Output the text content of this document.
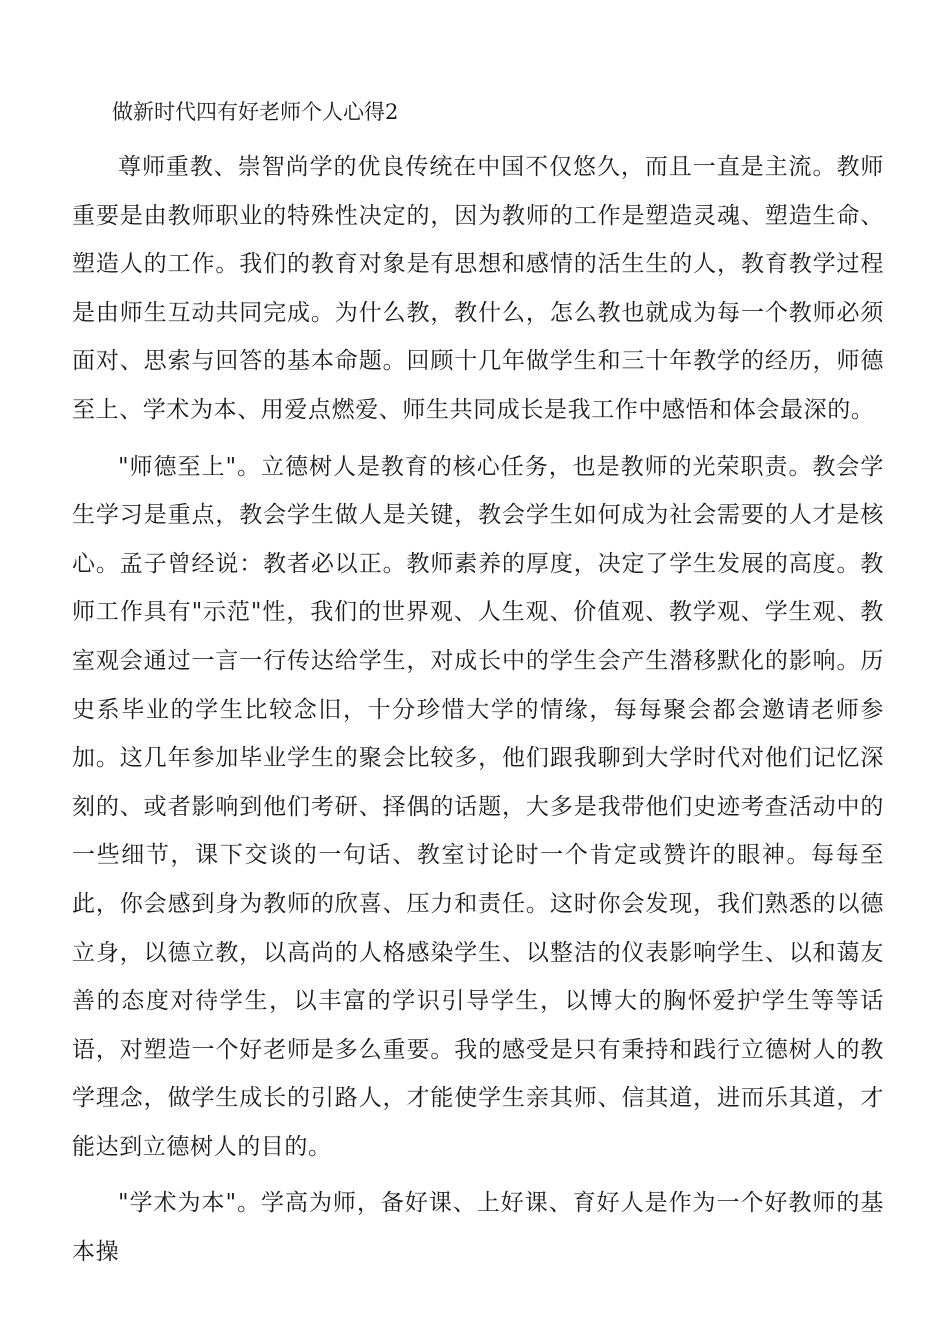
做新时代四有好老师个人心得2

尊师重教、崇智尚学的优良传统在中国不仅悠久，而且一直是主流。教师重要是由教师职业的特殊性决定的，因为教师的工作是塑造灵魂、塑造生命、塑造人的工作。我们的教育对象是有思想和感情的活生生的人，教育教学过程是由师生互动共同完成。为什么教，教什么，怎么教也就成为每一个教师必须面对、思索与回答的基本命题。回顾十几年做学生和三十年教学的经历，师德至上、学术为本、用爱点燃爱、师生共同成长是我工作中感悟和体会最深的。

"师德至上"。立德树人是教育的核心任务，也是教师的光荣职责。教会学生学习是重点，教会学生做人是关键，教会学生如何成为社会需要的人才是核心。孟子曾经说：教者必以正。教师素养的厚度，决定了学生发展的高度。教师工作具有"示范"性，我们的世界观、人生观、价值观、教学观、学生观、教室观会通过一言一行传达给学生，对成长中的学生会产生潜移默化的影响。历史系毕业的学生比较念旧，十分珍惜大学的情缘，每每聚会都会邀请老师参加。这几年参加毕业学生的聚会比较多，他们跟我聊到大学时代对他们记忆深刻的、或者影响到他们考研、择偶的话题，大多是我带他们史迹考查活动中的一些细节，课下交谈的一句话、教室讨论时一个肯定或赞许的眼神。每每至此，你会感到身为教师的欣喜、压力和责任。这时你会发现，我们熟悉的以德立身，以德立教，以高尚的人格感染学生、以整洁的仪表影响学生、以和蔼友善的态度对待学生，以丰富的学识引导学生，以博大的胸怀爱护学生等等话语，对塑造一个好老师是多么重要。我的感受是只有秉持和践行立德树人的教学理念，做学生成长的引路人，才能使学生亲其师、信其道，进而乐其道，才能达到立德树人的目的。

"学术为本"。学高为师，备好课、上好课、育好人是作为一个好教师的基本操
